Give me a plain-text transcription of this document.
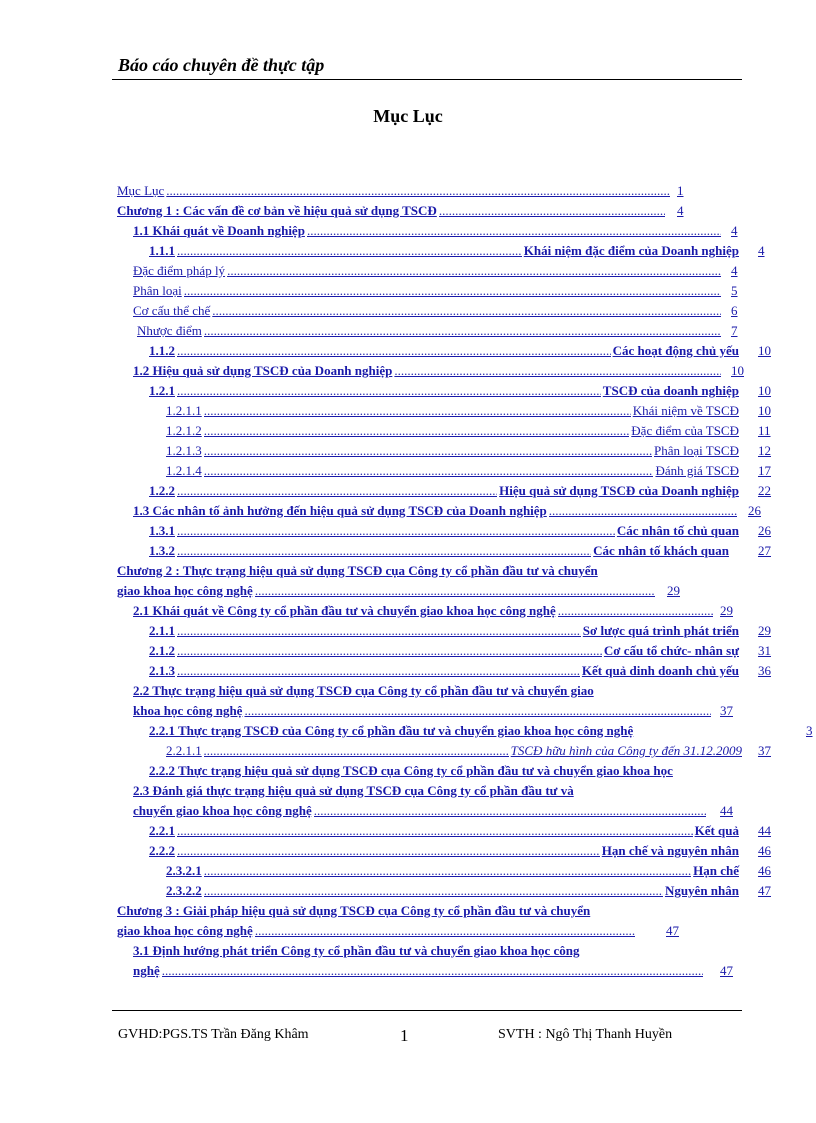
Báo cáo chuyên đề thực tập
Mục Lục
Mục Lục .....	1
Chương 1 : Các vấn đề cơ bản về hiệu quả sử dụng TSCĐ .....	4
1.1 Khái quát về Doanh nghiệp .....	4
1.1.1 .....	Khái niệm đặc điểm của Doanh nghiệp 4
Đặc điểm pháp lý .....	4
Phân loại .....	5
Cơ cấu thể chế .....	6
Nhược điểm .....	7
1.1.2 .....	Các hoạt động chủ yếu 10
1.2 Hiệu quả sử dụng TSCĐ của Doanh nghiệp .....	10
1.2.1 .....	TSCĐ của doanh nghiệp 10
1.2.1.1 .....	Khái niệm về TSCĐ 10
1.2.1.2 .....	Đặc điểm của TSCĐ 11
1.2.1.3 .....	Phân loại TSCĐ 12
1.2.1.4 .....	Đánh giá TSCĐ 17
1.2.2 .....	Hiệu quả sử dụng TSCĐ của Doanh nghiệp 22
1.3 Các nhân tố ảnh hưởng đến hiệu quả sử dụng TSCĐ của Doanh nghiệp .....	26
1.3.1 .....	Các nhân tố chủ quan 26
1.3.2 .....	Các nhân tố khách quan 27
Chương 2 : Thực trạng hiệu quả sử dụng TSCĐ cụa Công ty cổ phần đầu tư và chuyển
giao khoa học công nghệ .....	29
2.1 Khái quát về Công ty cổ phần đầu tư và chuyển giao khoa học công nghệ .....	29
2.1.1 .....	Sơ lược quá trình phát triển 29
2.1.2 .....	Cơ cấu tổ chức- nhân sự 31
2.1.3 .....	Kết quả dinh doanh chủ yếu 36
2.2 Thực trạng hiệu quả sử dụng TSCĐ cụa Công ty cổ phần đầu tư và chuyển giao
khoa học công nghệ .....	37
2.2.1 Thực trạng TSCĐ của Công ty cổ phần đầu tư và chuyển giao khoa học công nghệ	3
2.2.1.1 .....	TSCĐ hữu hình của Công ty đến 31.12.2009 37
2.2.2 Thực trạng hiệu quả sử dụng TSCĐ cụa Công ty cổ phần đầu tư và chuyển giao khoa học
2.3 Đánh giá thực trạng hiệu quả sử dụng TSCĐ cụa Công ty cổ phần đầu tư và
chuyển giao khoa học công nghệ .....	44
2.2.1 .....	Kết quả 44
2.2.2 .....	Hạn chế và nguyên nhân 46
2.3.2.1 .....	Hạn chế 46
2.3.2.2 .....	Nguyên nhân 47
Chương 3 : Giải pháp hiệu quả sử dụng TSCĐ cụa Công ty cổ phần đầu tư và chuyển
giao khoa học công nghệ .....	47
3.1 Định hướng phát triển Công ty cổ phần đầu tư và chuyển giao khoa học công
nghệ .....	47
GVHD:PGS.TS Trần Đăng Khâm	1	SVTH : Ngô Thị Thanh Huyền
